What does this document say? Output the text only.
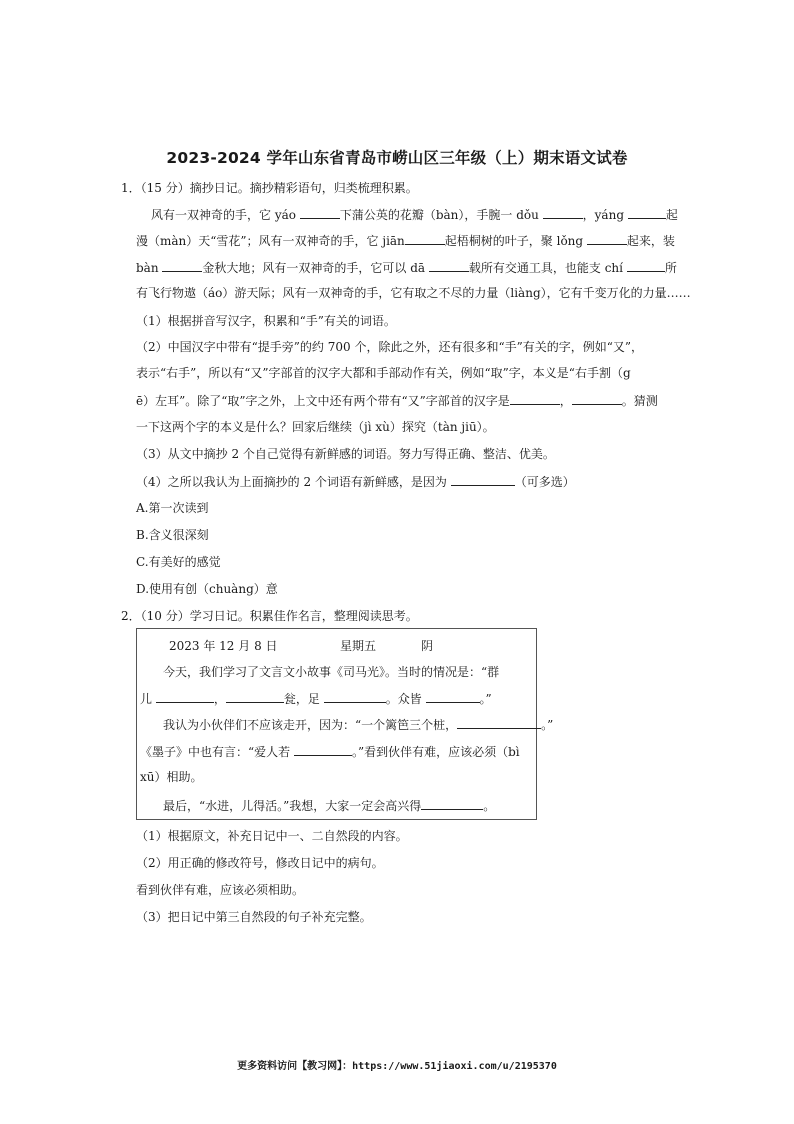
2023-2024 学年山东省青岛市崂山区三年级（上）期末语文试卷
1．（15 分）摘抄日记。摘抄精彩语句，归类梳理积累。
风有一双神奇的手，它 yáo	下蒲公英的花瓣（bàn），手腕一 dǒu	，yáng	起
漫（màn）天“雪花”；风有一双神奇的手，它 jiān	起梧桐树的叶子，聚 lǒng	起来，装
bàn	金秋大地；风有一双神奇的手，它可以 dā	载所有交通工具，也能支 chí	所
有飞行物遨（áo）游天际；风有一双神奇的手，它有取之不尽的力量（liàng），它有千变万化的力量……
（1）根据拼音写汉字，积累和“手”有关的词语。
（2）中国汉字中带有“提手旁”的约 700 个，除此之外，还有很多和“手”有关的字，例如“又”，
表示“右手”，所以有“又”字部首的汉字大都和手部动作有关，例如“取”字，本义是“右手割（g
ē）左耳”。除了“取”字之外，上文中还有两个带有“又”字部首的汉字是	，	。猜测
一下这两个字的本义是什么？回家后继续（jì xù）探究（tàn jiū）。
（3）从文中摘抄 2 个自己觉得有新鲜感的词语。努力写得正确、整洁、优美。
（4）之所以我认为上面摘抄的 2 个词语有新鲜感，是因为	（可多选）
A.第一次读到
B.含义很深刻
C.有美好的感觉
D.使用有创（chuàng）意
2．（10 分）学习日记。积累佳作名言，整理阅读思考。
2023 年 12 月 8 日	星期五	阴
今天，我们学习了文言文小故事《司马光》。当时的情况是：“群
儿	，	瓮，足	。众皆	。”
我认为小伙伴们不应该走开，因为：“一个篱笆三个桩，	。”
《墨子》中也有言：“爱人若	。”看到伙伴有难，应该必须（bì
xū）相助。
最后，“水进，儿得活。”我想，大家一定会高兴得	。
（1）根据原文，补充日记中一、二自然段的内容。
（2）用正确的修改符号，修改日记中的病句。
看到伙伴有难，应该必须相助。
（3）把日记中第三自然段的句子补充完整。
更多资料访问【教习网】：https://www.51jiaoxi.com/u/2195370
